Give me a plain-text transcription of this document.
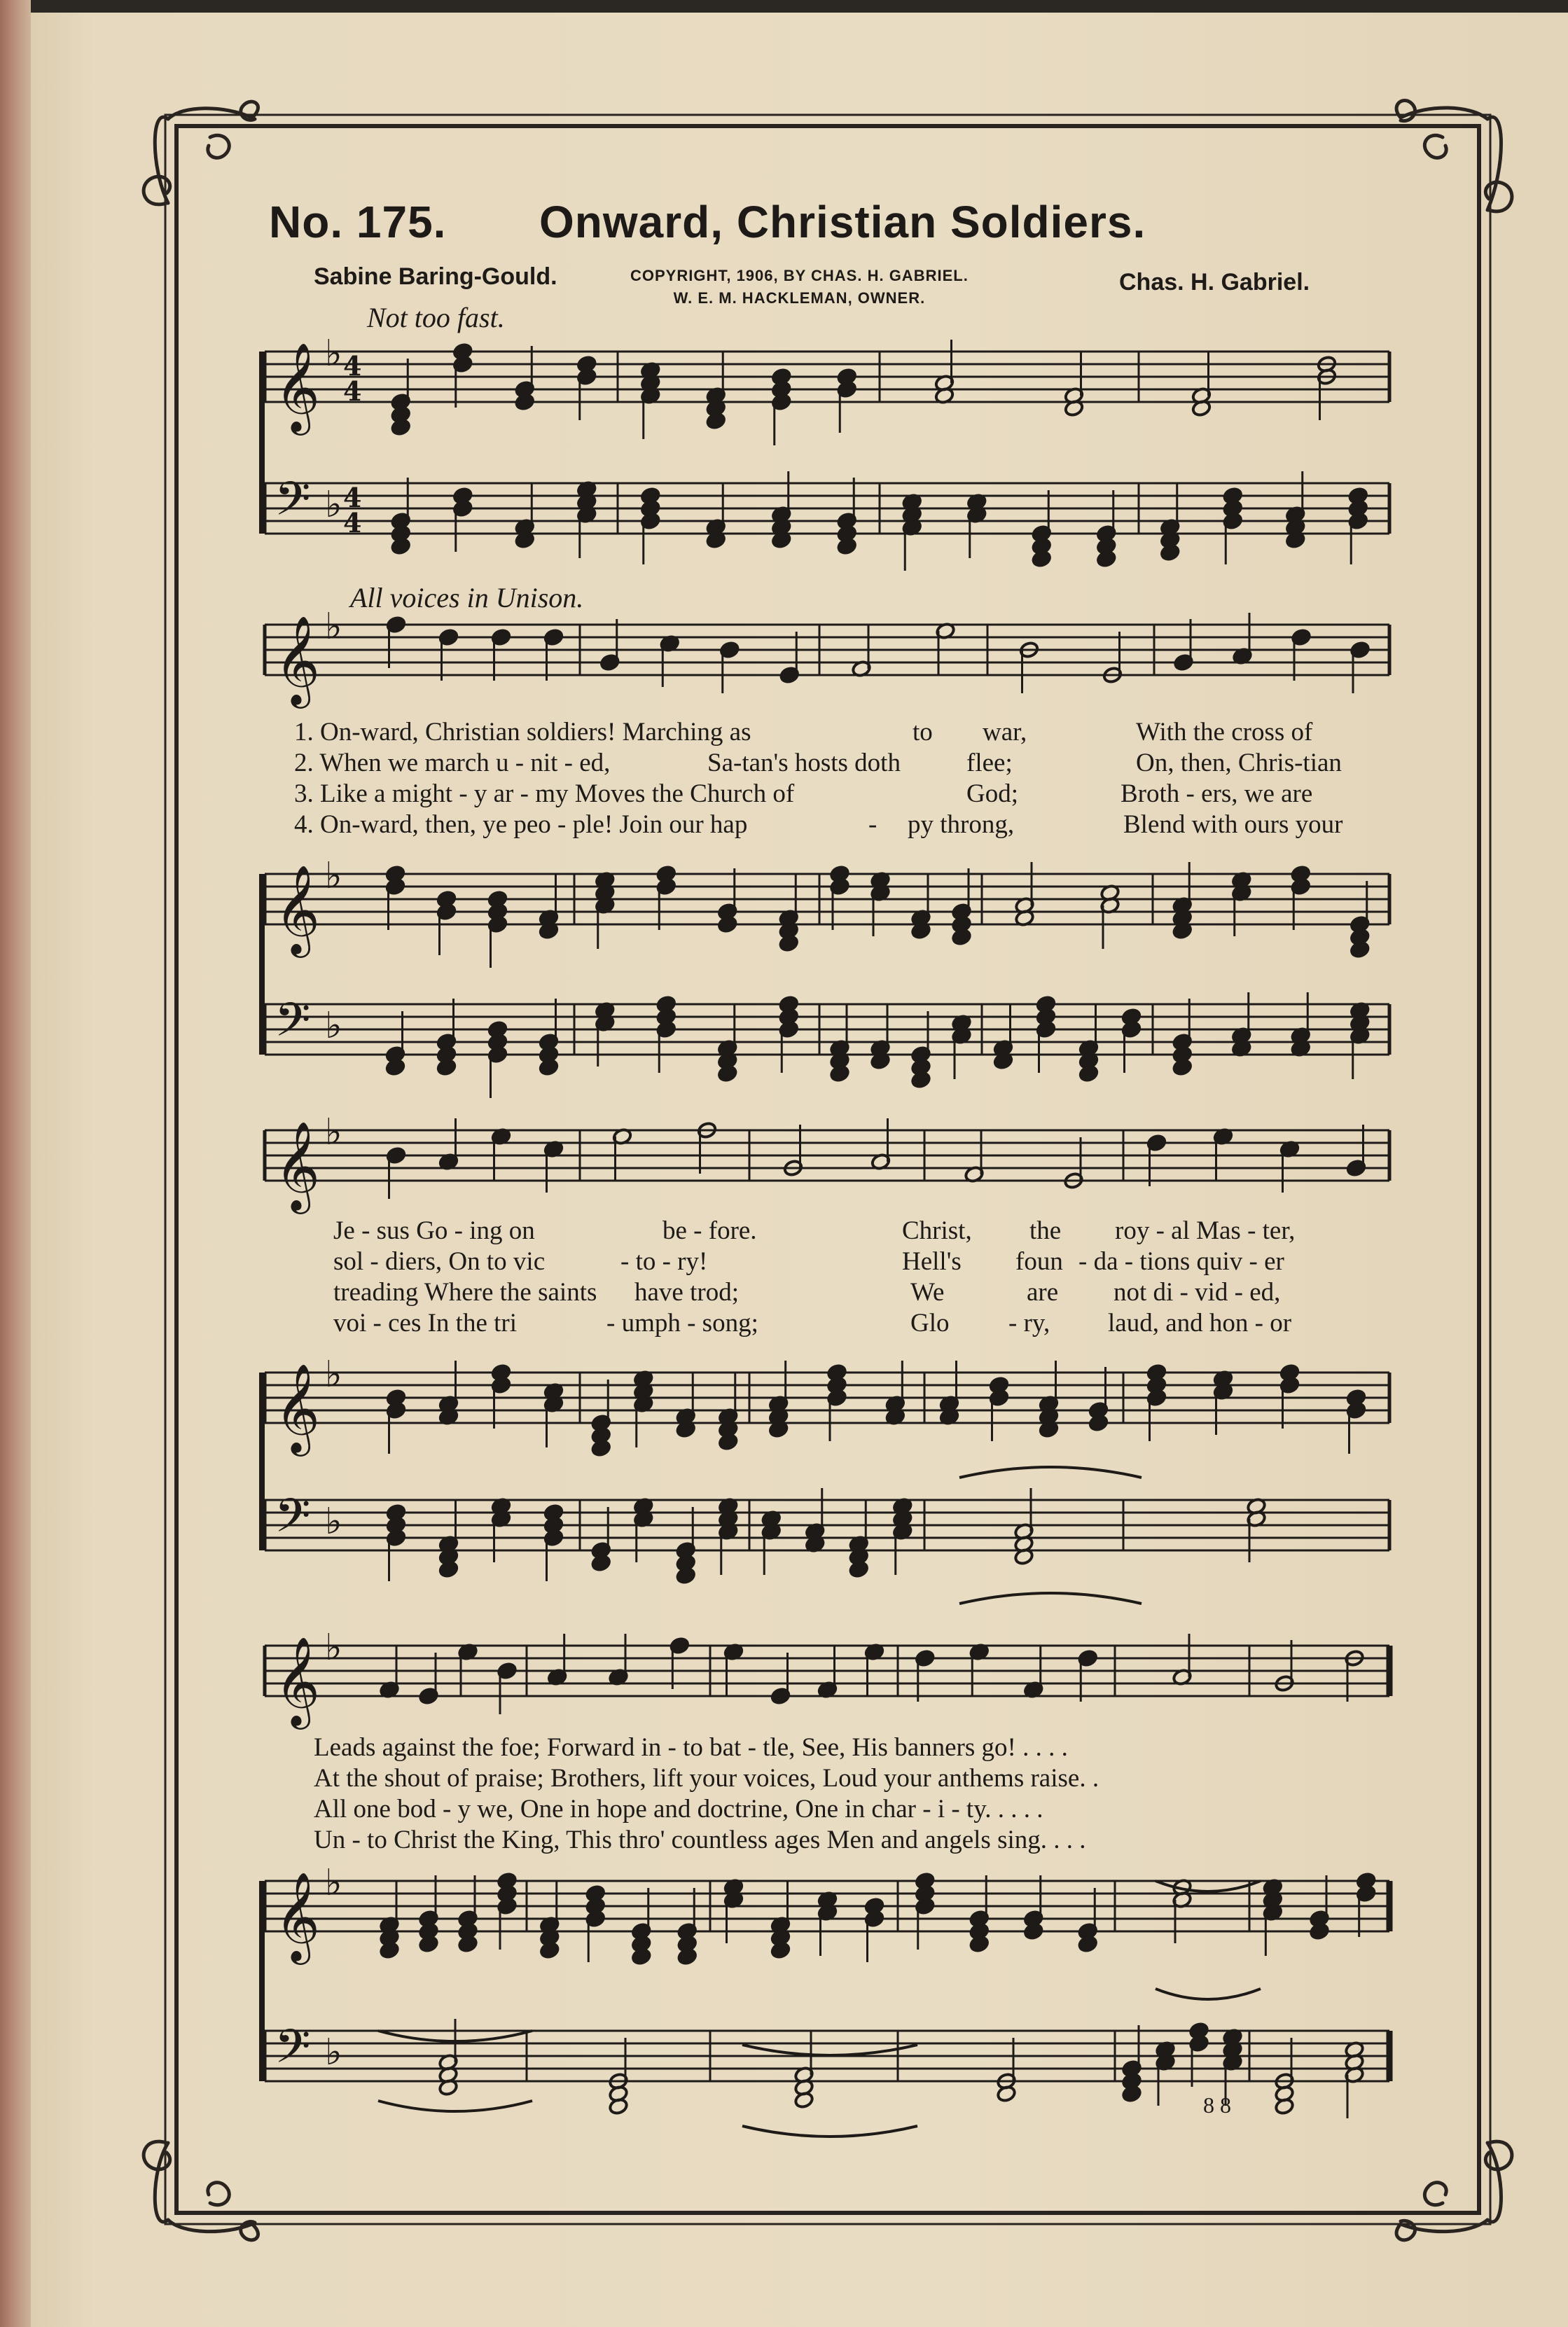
No. 175. Onward, Christian Soldiers.
Sabine Baring-Gould.	COPYRIGHT, 1906, BY CHAS. H. GABRIEL.
W. E. M. HACKLEMAN, OWNER.
Chas. H. Gabriel.
Not too fast.
All voices in Unison.
𝄞 ♭ 4
4
𝄢 ♭ 4
4
𝄞 ♭
𝄞 ♭
𝄢 ♭
𝄞 ♭
𝄞 ♭
𝄢 ♭
𝄞 ♭
𝄞 ♭
𝄢 ♭
1. On-ward, Christian soldiers! Marching as	to war,	With the cross of
2. When we march u - nit - ed,	Sa-tan's hosts doth	flee;	On, then, Chris-tian
3. Like a might - y ar - my Moves the Church of	God;	Broth - ers, we are
4. On-ward, then, ye peo - ple! Join our hap	- py throng,	Blend with ours your
Je - sus Go - ing on	be - fore.	Christ, the roy - al Mas - ter,
sol - diers, On to vic	- to - ry!	Hell's foun - da - tions quiv - er
treading Where the saints have trod;	We	are not di - vid - ed,
voi - ces In the tri	- umph - song;	Glo - ry, laud, and hon - or
Leads against the foe; Forward in - to bat - tle, See, His banners go! . . . .
At the shout of praise; Brothers, lift your voices, Loud your anthems raise. .
All one bod - y we, One in hope and doctrine, One in char - i - ty. . . . .
Un - to Christ the King, This thro' countless ages Men and angels sing. . . .
8 8
